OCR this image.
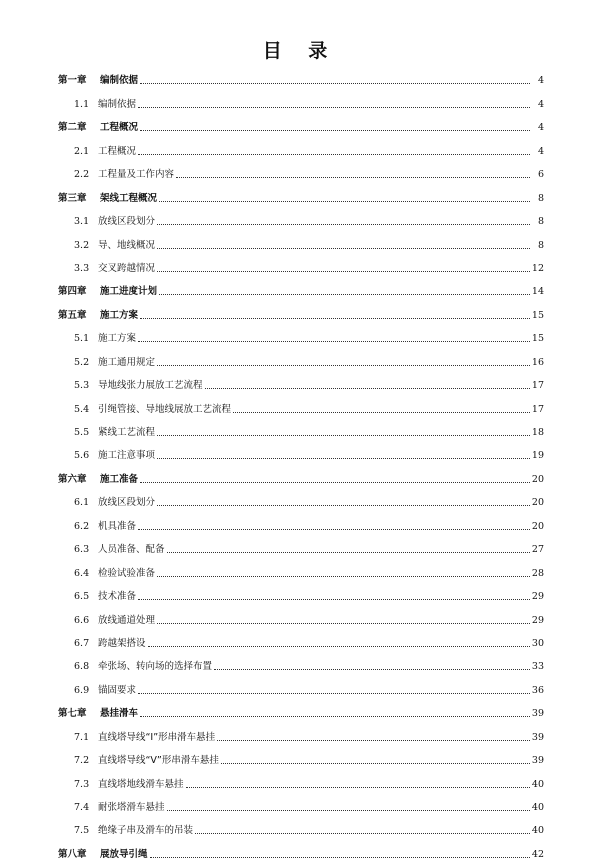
目 录
第一章	编制依据	4
1.1 编制依据	4
第二章	工程概况	4
2.1 工程概况	4
2.2 工程量及工作内容	6
第三章	架线工程概况	8
3.1 放线区段划分	8
3.2 导、地线概况	8
3.3 交叉跨越情况	12
第四章	施工进度计划	14
第五章	施工方案	15
5.1 施工方案	15
5.2 施工通用规定	16
5.3 导地线张力展放工艺流程	17
5.4 引绳管接、导地线展放工艺流程	17
5.5 紧线工艺流程	18
5.6 施工注意事项	19
第六章	施工准备	20
6.1 放线区段划分	20
6.2 机具准备	20
6.3 人员准备、配备	27
6.4 检验试验准备	28
6.5 技术准备	29
6.6 放线通道处理	29
6.7 跨越架搭设	30
6.8 牵张场、转向场的选择布置	33
6.9 锚固要求	36
第七章	悬挂滑车	39
7.1 直线塔导线“I”形串滑车悬挂	39
7.2 直线塔导线“V”形串滑车悬挂	39
7.3 直线塔地线滑车悬挂	40
7.4 耐张塔滑车悬挂	40
7.5 绝缘子串及滑车的吊装	40
第八章	展放导引绳	42
